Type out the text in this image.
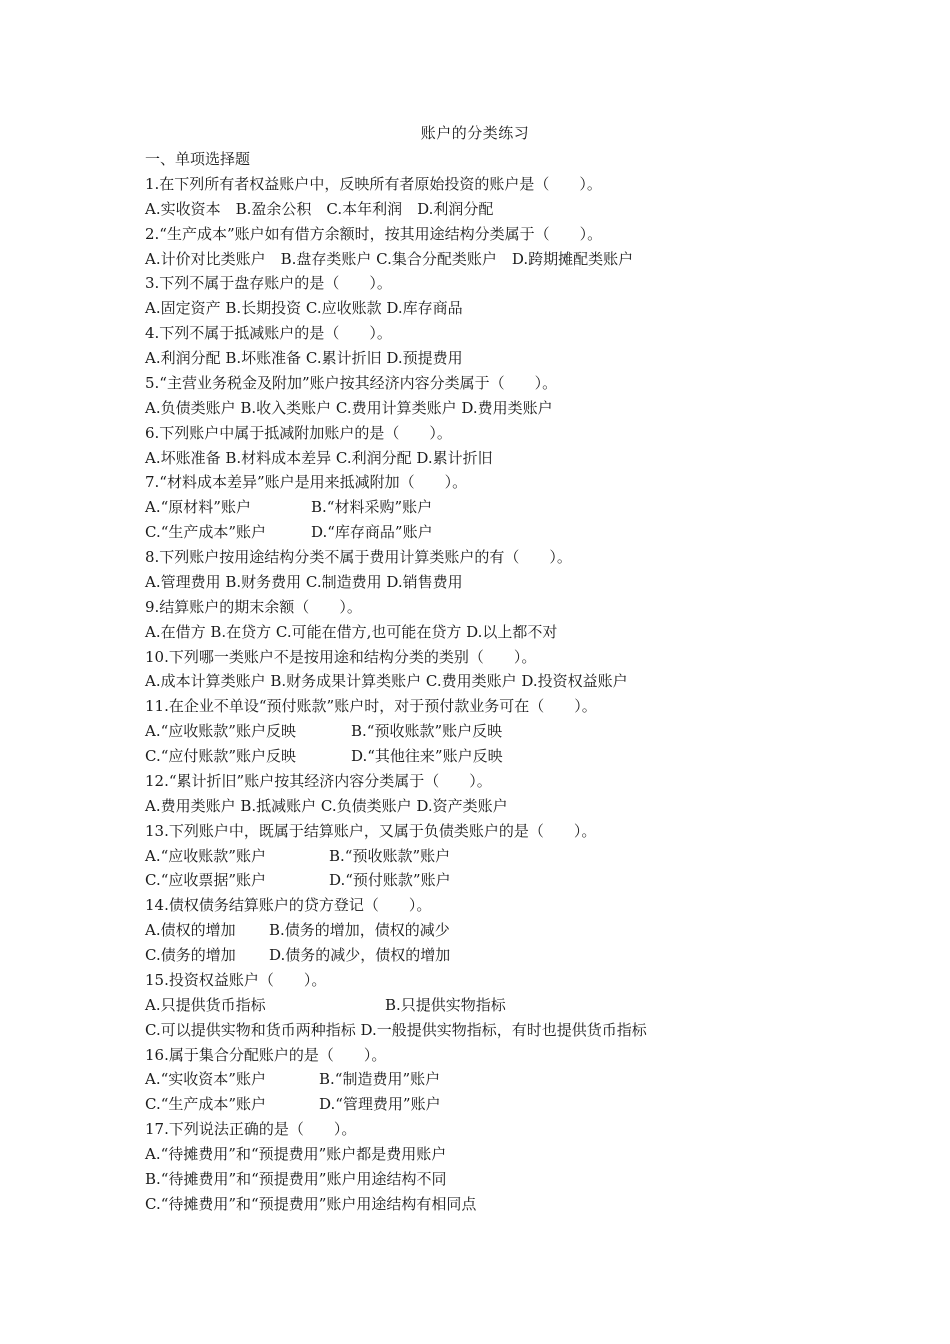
账户的分类练习
一、单项选择题
1.在下列所有者权益账户中，反映所有者原始投资的账户是（　　）。
A.实收资本　B.盈余公积　C.本年利润　D.利润分配
2.“生产成本”账户如有借方余额时，按其用途结构分类属于（　　）。
A.计价对比类账户　B.盘存类账户 C.集合分配类账户　D.跨期摊配类账户
3.下列不属于盘存账户的是（　　）。
A.固定资产 B.长期投资 C.应收账款 D.库存商品
4.下列不属于抵减账户的是（　　）。
A.利润分配 B.坏账准备 C.累计折旧 D.预提费用
5.“主营业务税金及附加”账户按其经济内容分类属于（　　）。
A.负债类账户 B.收入类账户 C.费用计算类账户 D.费用类账户
6.下列账户中属于抵减附加账户的是（　　）。
A.坏账准备 B.材料成本差异 C.利润分配 D.累计折旧
7.“材料成本差异”账户是用来抵减附加（　　）。
A.“原材料”账户	B.“材料采购”账户
C.“生产成本”账户	D.“库存商品”账户
8.下列账户按用途结构分类不属于费用计算类账户的有（　　）。
A.管理费用 B.财务费用 C.制造费用 D.销售费用
9.结算账户的期末余额（　　）。
A.在借方 B.在贷方 C.可能在借方,也可能在贷方 D.以上都不对
10.下列哪一类账户不是按用途和结构分类的类别（　　）。
A.成本计算类账户 B.财务成果计算类账户 C.费用类账户 D.投资权益账户
11.在企业不单设“预付账款”账户时，对于预付款业务可在（　　）。
A.“应收账款”账户反映	B.“预收账款”账户反映
C.“应付账款”账户反映	D.“其他往来”账户反映
12.“累计折旧”账户按其经济内容分类属于（　　）。
A.费用类账户 B.抵减账户 C.负债类账户 D.资产类账户
13.下列账户中，既属于结算账户，又属于负债类账户的是（　　）。
A.“应收账款”账户	B.“预收账款”账户
C.“应收票据”账户	D.“预付账款”账户
14.债权债务结算账户的贷方登记（　　）。
A.债权的增加 B.债务的增加，债权的减少
C.债务的增加 D.债务的减少，债权的增加
15.投资权益账户（　　）。
A.只提供货币指标	B.只提供实物指标
C.可以提供实物和货币两种指标 D.一般提供实物指标，有时也提供货币指标
16.属于集合分配账户的是（　　）。
A.“实收资本”账户	B.“制造费用”账户
C.“生产成本”账户	D.“管理费用”账户
17.下列说法正确的是（　　）。
A.“待摊费用”和“预提费用”账户都是费用账户
B.“待摊费用”和“预提费用”账户用途结构不同
C.“待摊费用”和“预提费用”账户用途结构有相同点
